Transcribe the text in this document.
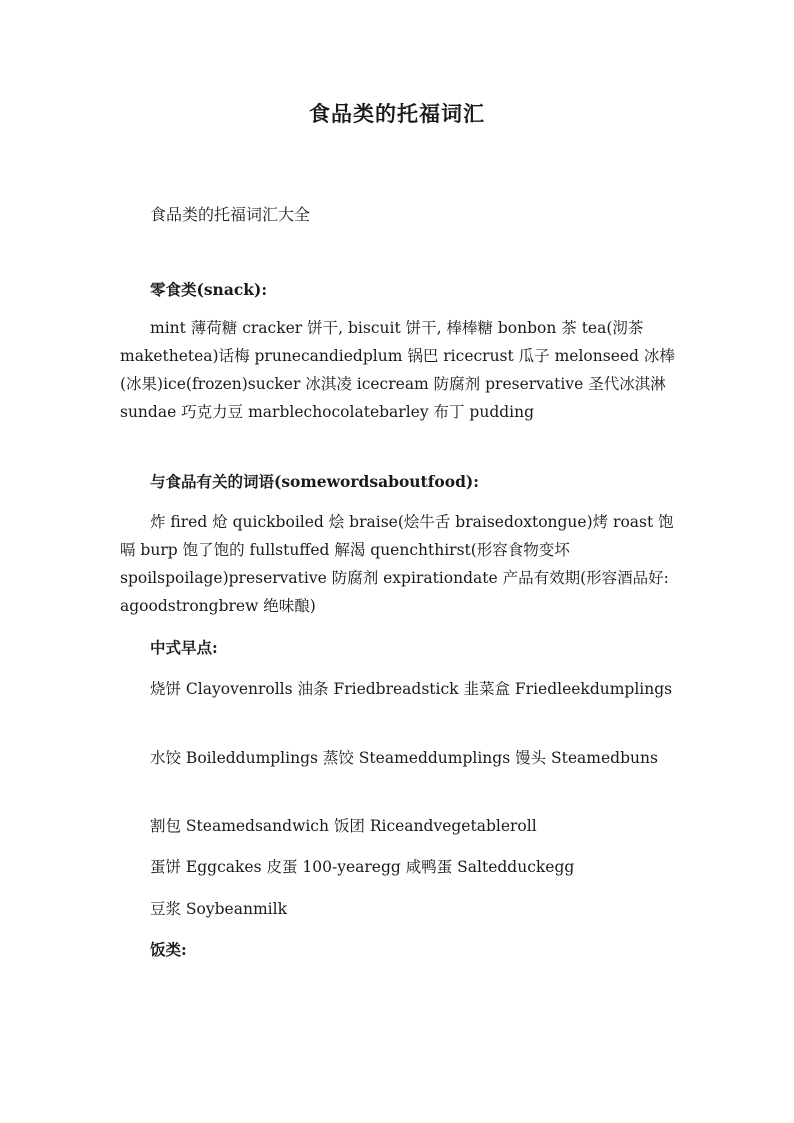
食品类的托福词汇
食品类的托福词汇大全
零食类(snack):
mint 薄荷糖 cracker 饼干, biscuit 饼干, 棒棒糖 bonbon 茶 tea(沏茶 makethetea)话梅 prunecandiedplum 锅巴 ricecrust 瓜子 melonseed 冰棒(冰果)ice(frozen)sucker 冰淇凌 icecream 防腐剂 preservative 圣代冰淇淋 sundae 巧克力豆 marblechocolatebarley 布丁 pudding
与食品有关的词语(somewordsaboutfood):
炸 fired 炝 quickboiled 烩 braise(烩牛舌 braisedoxtongue)烤 roast 饱嗝 burp 饱了饱的 fullstuffed 解渴 quenchthirst(形容食物变坏 spoilspoilage)preservative 防腐剂 expirationdate 产品有效期(形容酒品好: agoodstrongbrew 绝味酿)
中式早点:
烧饼 Clayovenrolls 油条 Friedbreadstick 韭菜盒 Friedleekdumplings
水饺 Boileddumplings 蒸饺 Steameddumplings 馒头 Steamedbuns
割包 Steamedsandwich 饭团 Riceandvegetableroll
蛋饼 Eggcakes 皮蛋 100-yearegg 咸鸭蛋 Saltedduckegg
豆浆 Soybeanmilk
饭类:
